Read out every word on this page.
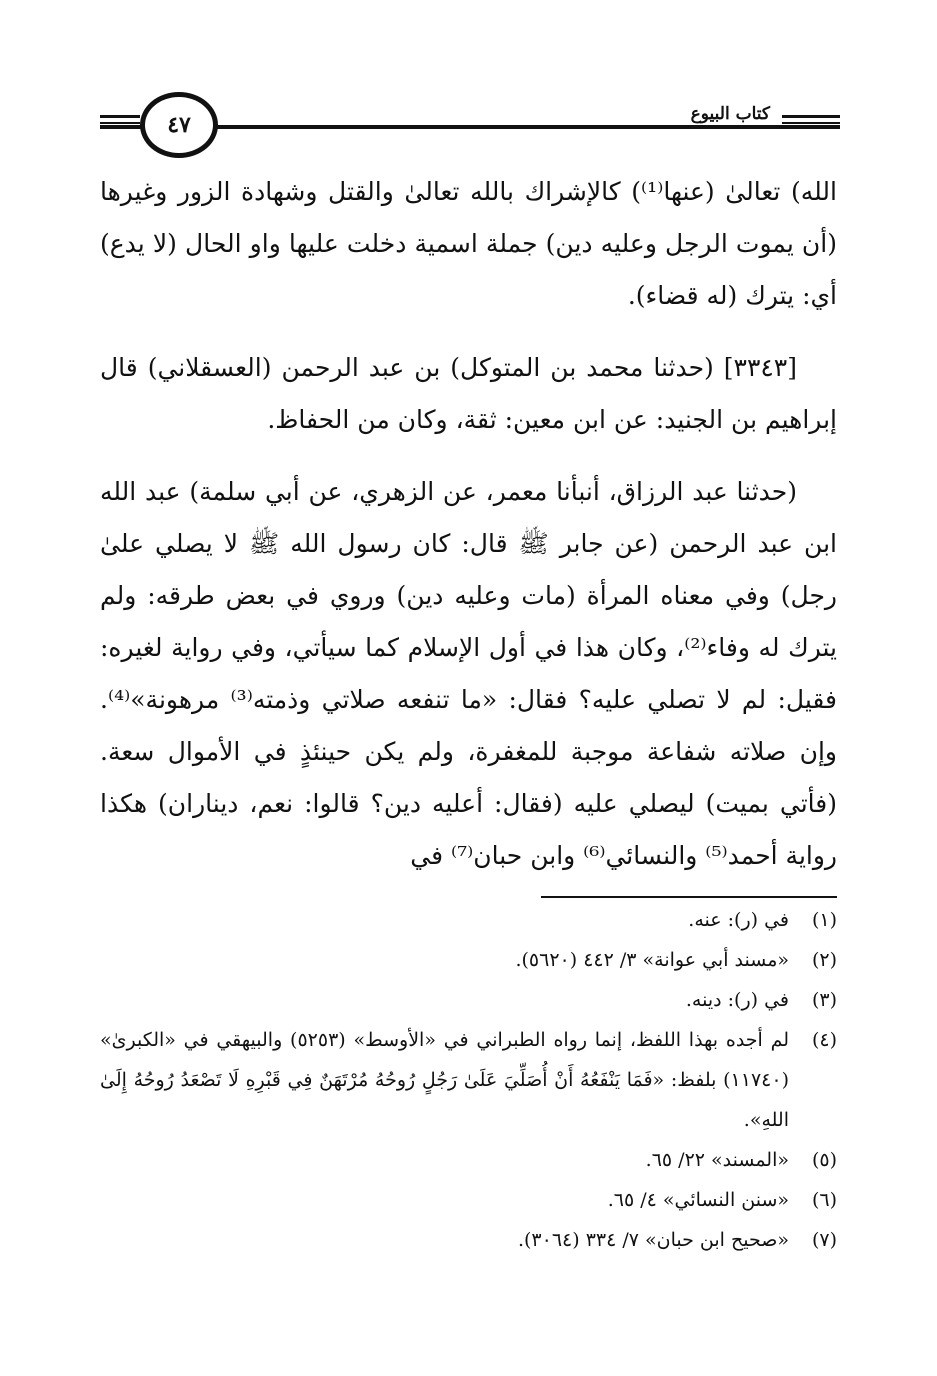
كتاب البيوع
٤٧

الله) تعالىٰ (عنها⁽¹⁾) كالإشراك بالله تعالىٰ والقتل وشهادة الزور وغيرها (أن يموت الرجل وعليه دين) جملة اسمية دخلت عليها واو الحال (لا يدع) أي: يترك (له قضاء).

[٣٣٤٣] (حدثنا محمد بن المتوكل) بن عبد الرحمن (العسقلاني) قال إبراهيم بن الجنيد: عن ابن معين: ثقة، وكان من الحفاظ.

(حدثنا عبد الرزاق، أنبأنا معمر، عن الزهري، عن أبي سلمة) عبد الله ابن عبد الرحمن (عن جابر ﷺ قال: كان رسول الله ﷺ لا يصلي علىٰ رجل) وفي معناه المرأة (مات وعليه دين) وروي في بعض طرقه: ولم يترك له وفاء⁽²⁾، وكان هذا في أول الإسلام كما سيأتي، وفي رواية لغيره: فقيل: لم لا تصلي عليه؟ فقال: «ما تنفعه صلاتي وذمته⁽³⁾ مرهونة»⁽⁴⁾. وإن صلاته شفاعة موجبة للمغفرة، ولم يكن حينئذٍ في الأموال سعة. (فأتي بميت) ليصلي عليه (فقال: أعليه دين؟ قالوا: نعم، ديناران) هكذا رواية أحمد⁽⁵⁾ والنسائي⁽⁶⁾ وابن حبان⁽⁷⁾ في

(١)
في (ر): عنه.
(٢)
«مسند أبي عوانة» ٣/ ٤٤٢ (٥٦٢٠).
(٣)
في (ر): دينه.
(٤)
لم أجده بهذا اللفظ، إنما رواه الطبراني في «الأوسط» (٥٢٥٣) والبيهقي في «الكبرىٰ» (١١٧٤٠) بلفظ: «فَمَا يَنْفَعُهُ أَنْ أُصَلِّيَ عَلَىٰ رَجُلٍ رُوحُهُ مُرْتَهَنٌ فِي قَبْرِهِ لَا تَصْعَدُ رُوحُهُ إِلَىٰ اللهِ».
(٥)
«المسند» ٢٢/ ٦٥.
(٦)
«سنن النسائي» ٤/ ٦٥.
(٧)
«صحيح ابن حبان» ٧/ ٣٣٤ (٣٠٦٤).
